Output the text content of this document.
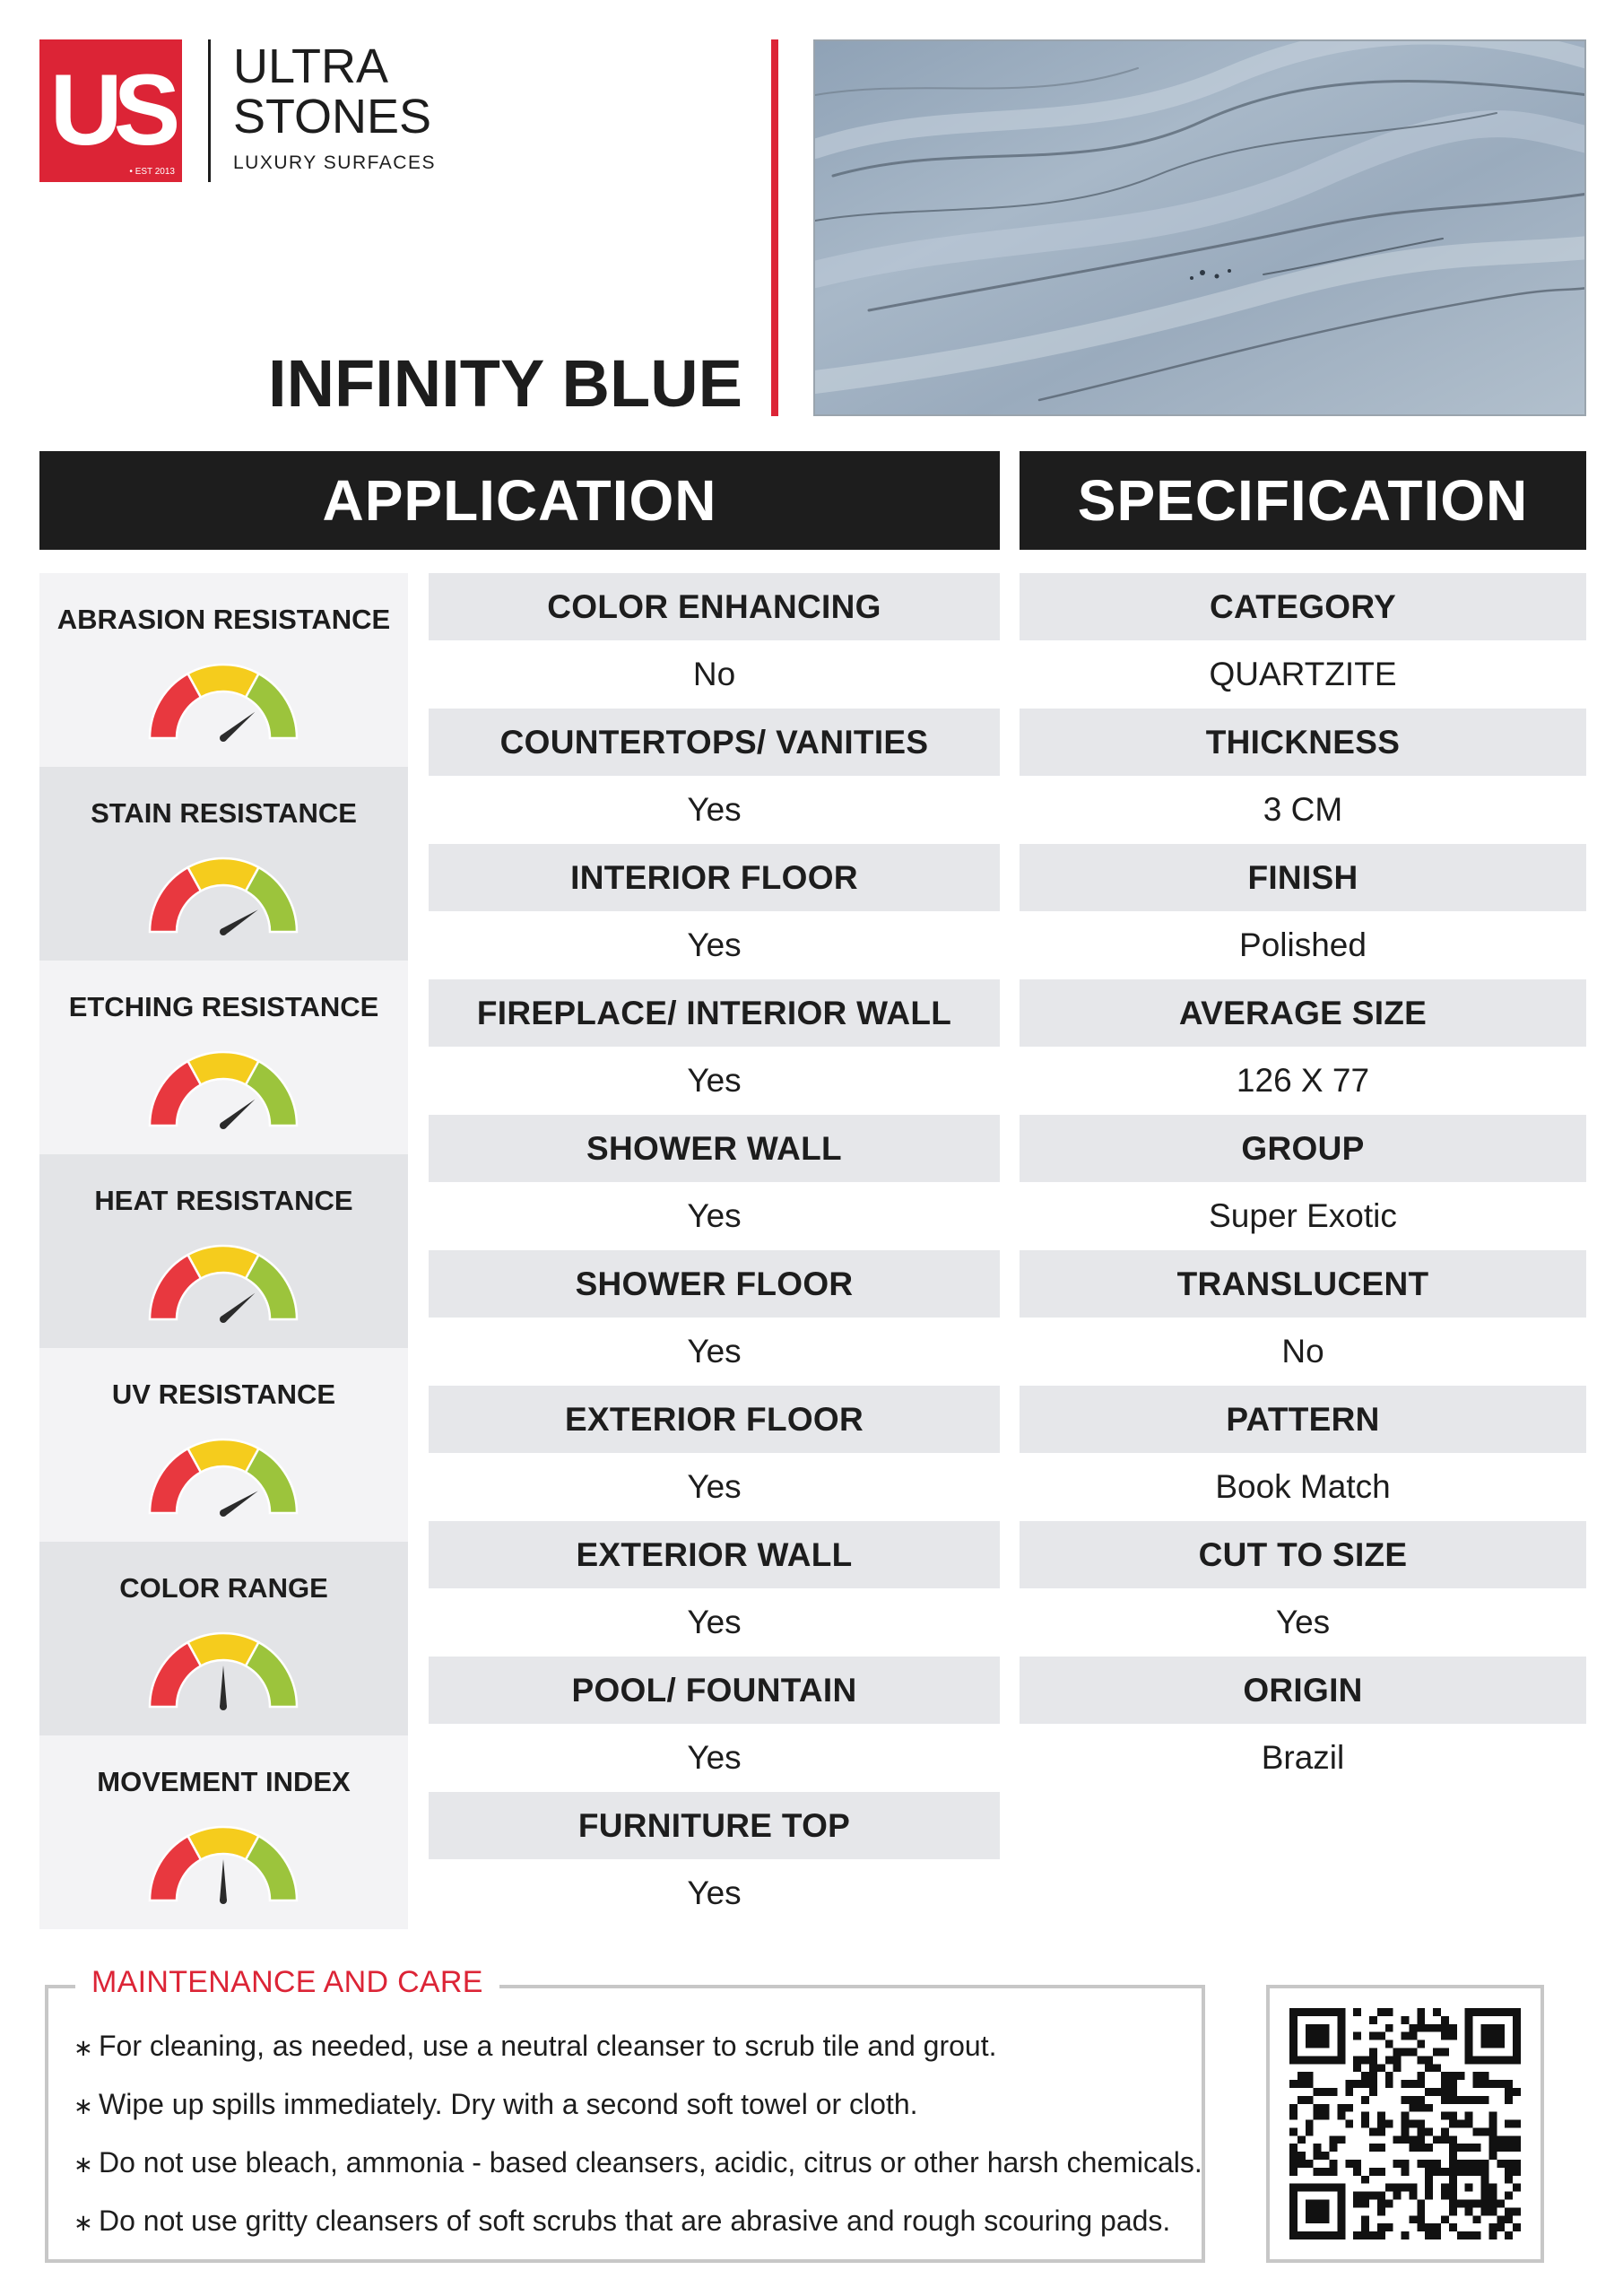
US
• EST 2013
ULTRA
STONES
LUXURY SURFACES
INFINITY BLUE
APPLICATION	SPECIFICATION
ABRASION RESISTANCE
STAIN RESISTANCE
ETCHING RESISTANCE
HEAT RESISTANCE
UV RESISTANCE
COLOR RANGE
MOVEMENT INDEX
COLOR ENHANCING
No
COUNTERTOPS/ VANITIES
Yes
INTERIOR FLOOR
Yes
FIREPLACE/ INTERIOR WALL
Yes
SHOWER WALL
Yes
SHOWER FLOOR
Yes
EXTERIOR FLOOR
Yes
EXTERIOR WALL
Yes
POOL/ FOUNTAIN
Yes
FURNITURE TOP
Yes
CATEGORY
QUARTZITE
THICKNESS
3 CM
FINISH
Polished
AVERAGE SIZE
126 X 77
GROUP
Super Exotic
TRANSLUCENT
No
PATTERN
Book Match
CUT TO SIZE
Yes
ORIGIN
Brazil
MAINTENANCE AND CARE
∗ For cleaning, as needed, use a neutral cleanser to scrub tile and grout.
∗ Wipe up spills immediately. Dry with a second soft towel or cloth.
∗ Do not use bleach, ammonia - based cleansers, acidic, citrus or other harsh chemicals.
∗ Do not use gritty cleansers of soft scrubs that are abrasive and rough scouring pads.
